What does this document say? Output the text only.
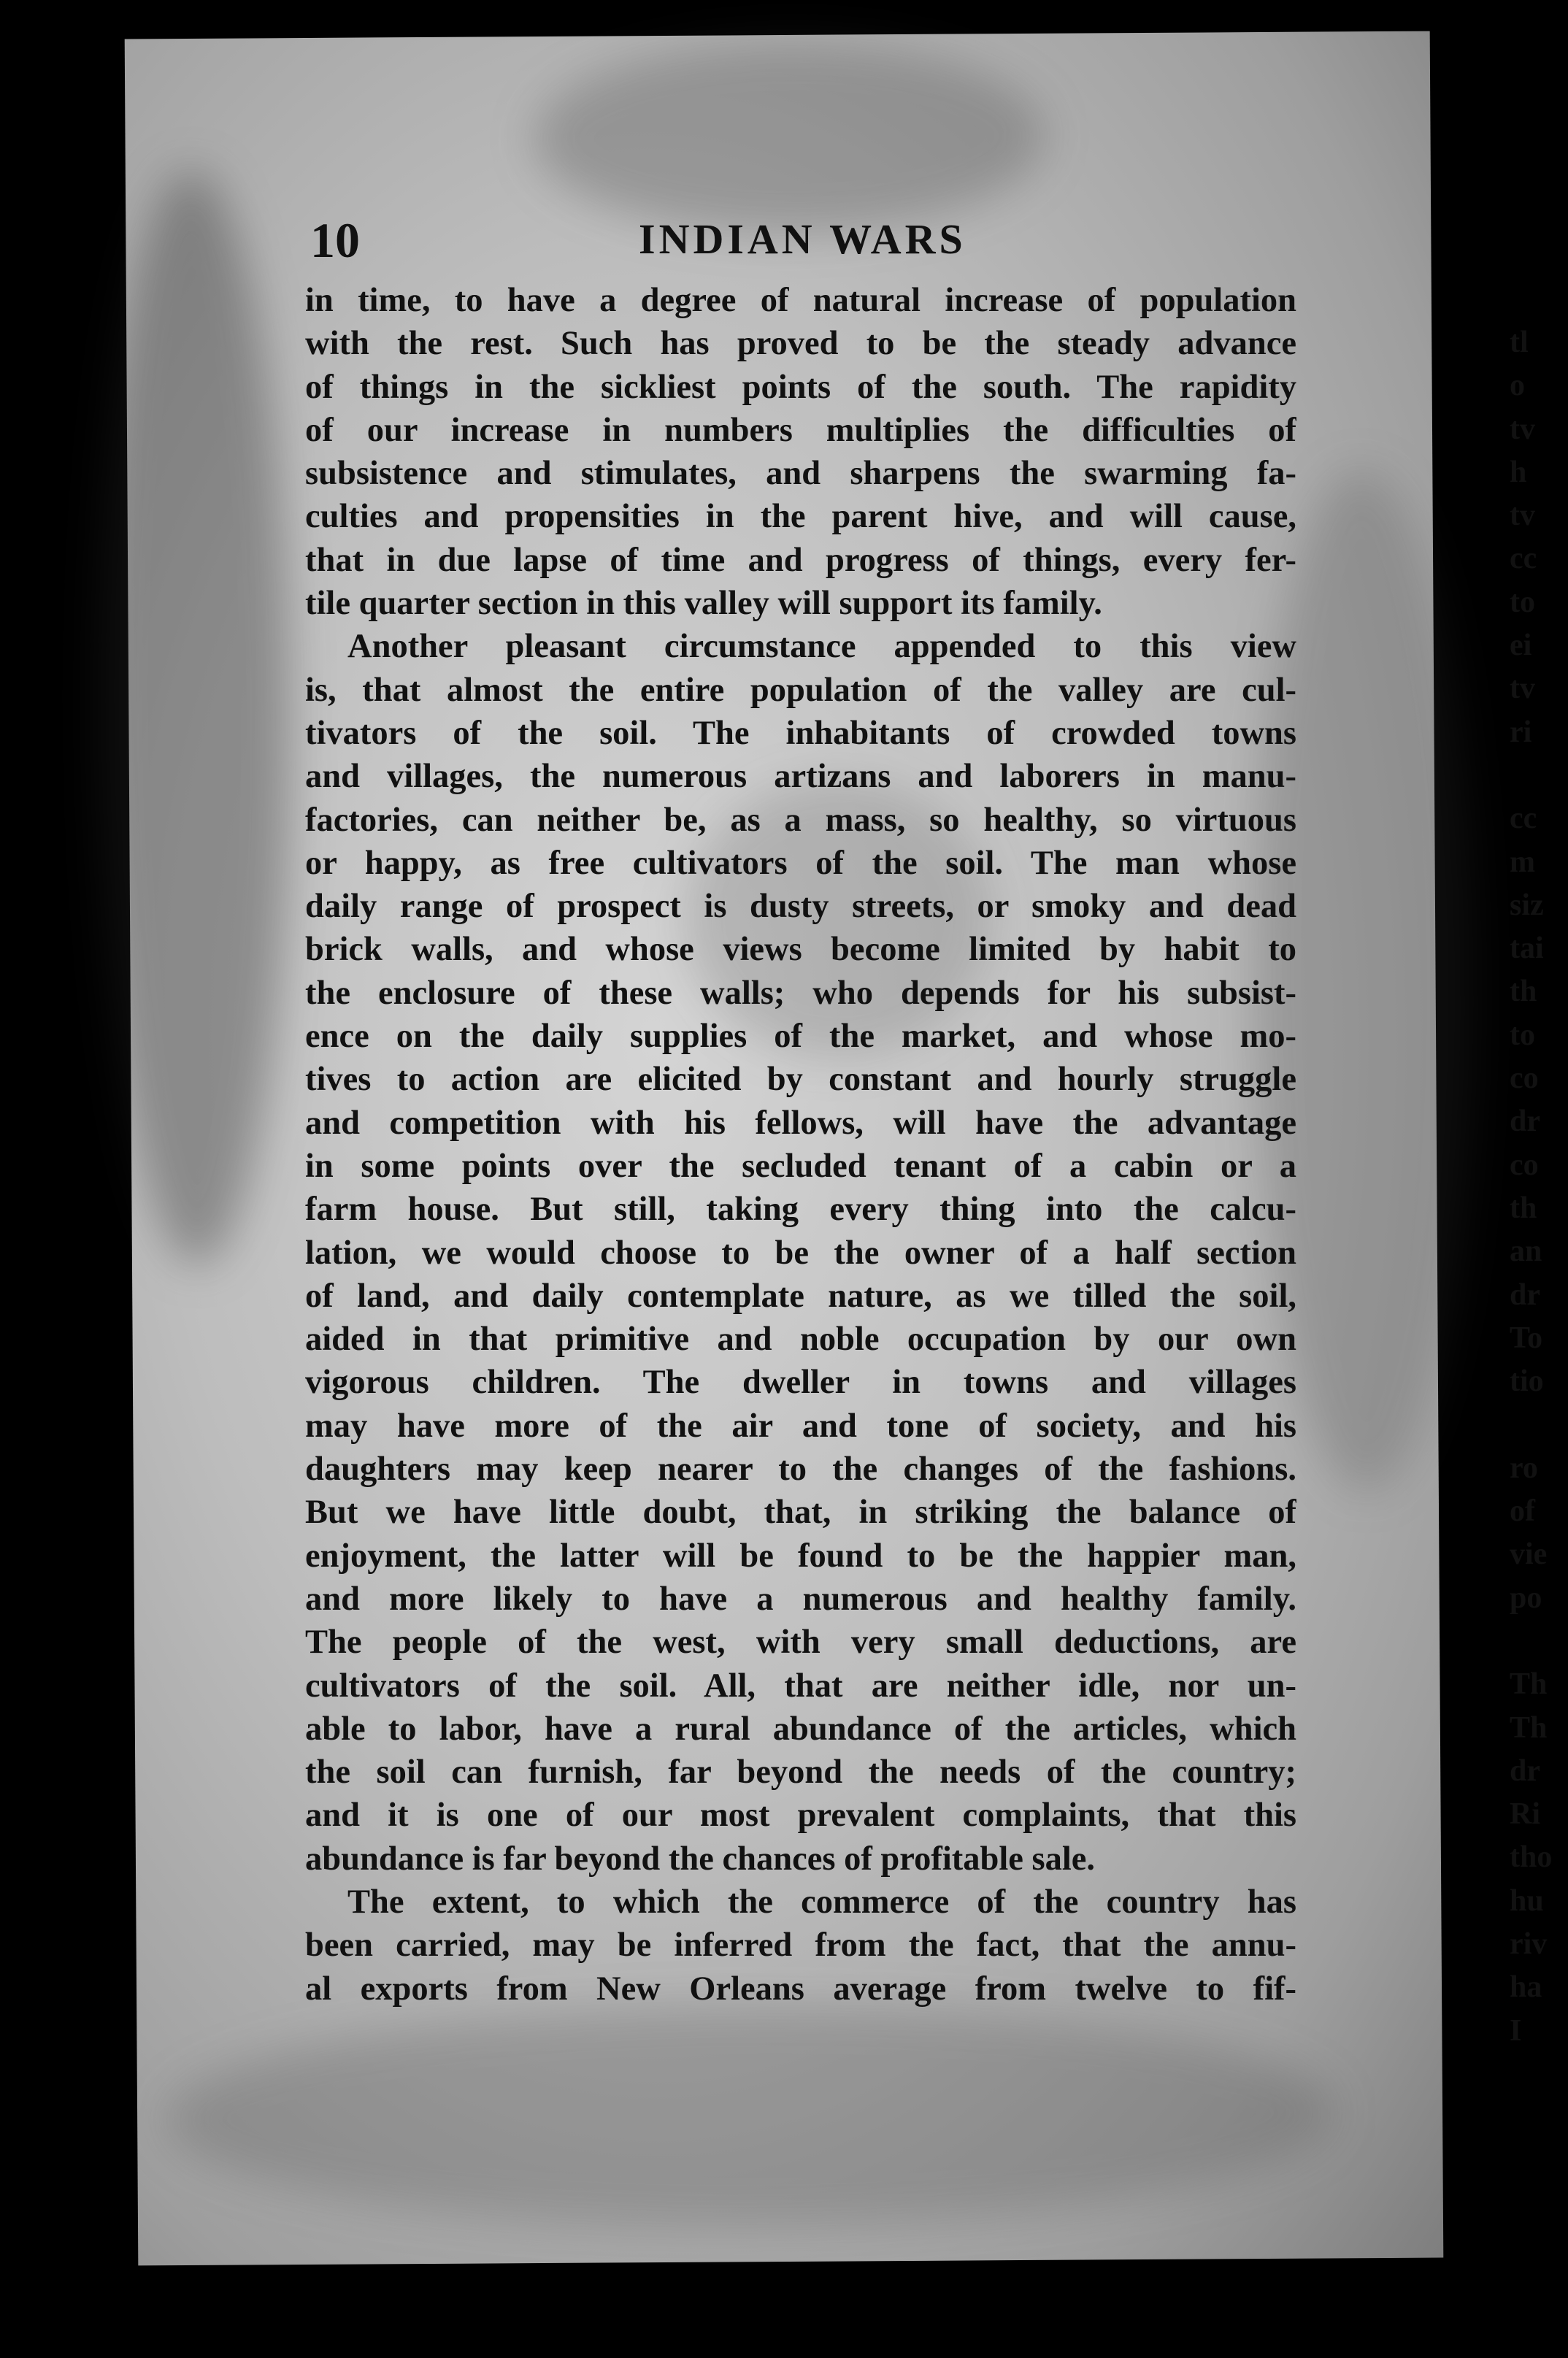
10	INDIAN WARS
in time, to have a degree of natural increase of population
with the rest. Such has proved to be the steady advance
of things in the sickliest points of the south. The rapidity
of our increase in numbers multiplies the difficulties of
subsistence and stimulates, and sharpens the swarming fa-
culties and propensities in the parent hive, and will cause,
that in due lapse of time and progress of things, every fer-
tile quarter section in this valley will support its family.
Another pleasant circumstance appended to this view
is, that almost the entire population of the valley are cul-
tivators of the soil. The inhabitants of crowded towns
and villages, the numerous artizans and laborers in manu-
factories, can neither be, as a mass, so healthy, so virtuous
or happy, as free cultivators of the soil. The man whose
daily range of prospect is dusty streets, or smoky and dead
brick walls, and whose views become limited by habit to
the enclosure of these walls; who depends for his subsist-
ence on the daily supplies of the market, and whose mo-
tives to action are elicited by constant and hourly struggle
and competition with his fellows, will have the advantage
in some points over the secluded tenant of a cabin or a
farm house. But still, taking every thing into the calcu-
lation, we would choose to be the owner of a half section
of land, and daily contemplate nature, as we tilled the soil,
aided in that primitive and noble occupation by our own
vigorous children. The dweller in towns and villages
may have more of the air and tone of society, and his
daughters may keep nearer to the changes of the fashions.
But we have little doubt, that, in striking the balance of
enjoyment, the latter will be found to be the happier man,
and more likely to have a numerous and healthy family.
The people of the west, with very small deductions, are
cultivators of the soil. All, that are neither idle, nor un-
able to labor, have a rural abundance of the articles, which
the soil can furnish, far beyond the needs of the country;
and it is one of our most prevalent complaints, that this
abundance is far beyond the chances of profitable sale.
The extent, to which the commerce of the country has
been carried, may be inferred from the fact, that the annu-
al exports from New Orleans average from twelve to fif-
tl
o
tv
h
tv
cc
to
ei
tv
ri
cc
m
siz
tai
th
to
co
dr
co
th
an
dr
To
tio
ro
of
vie
po
Th
Th
dr
Ri
tho
hu
riv
ha
I
